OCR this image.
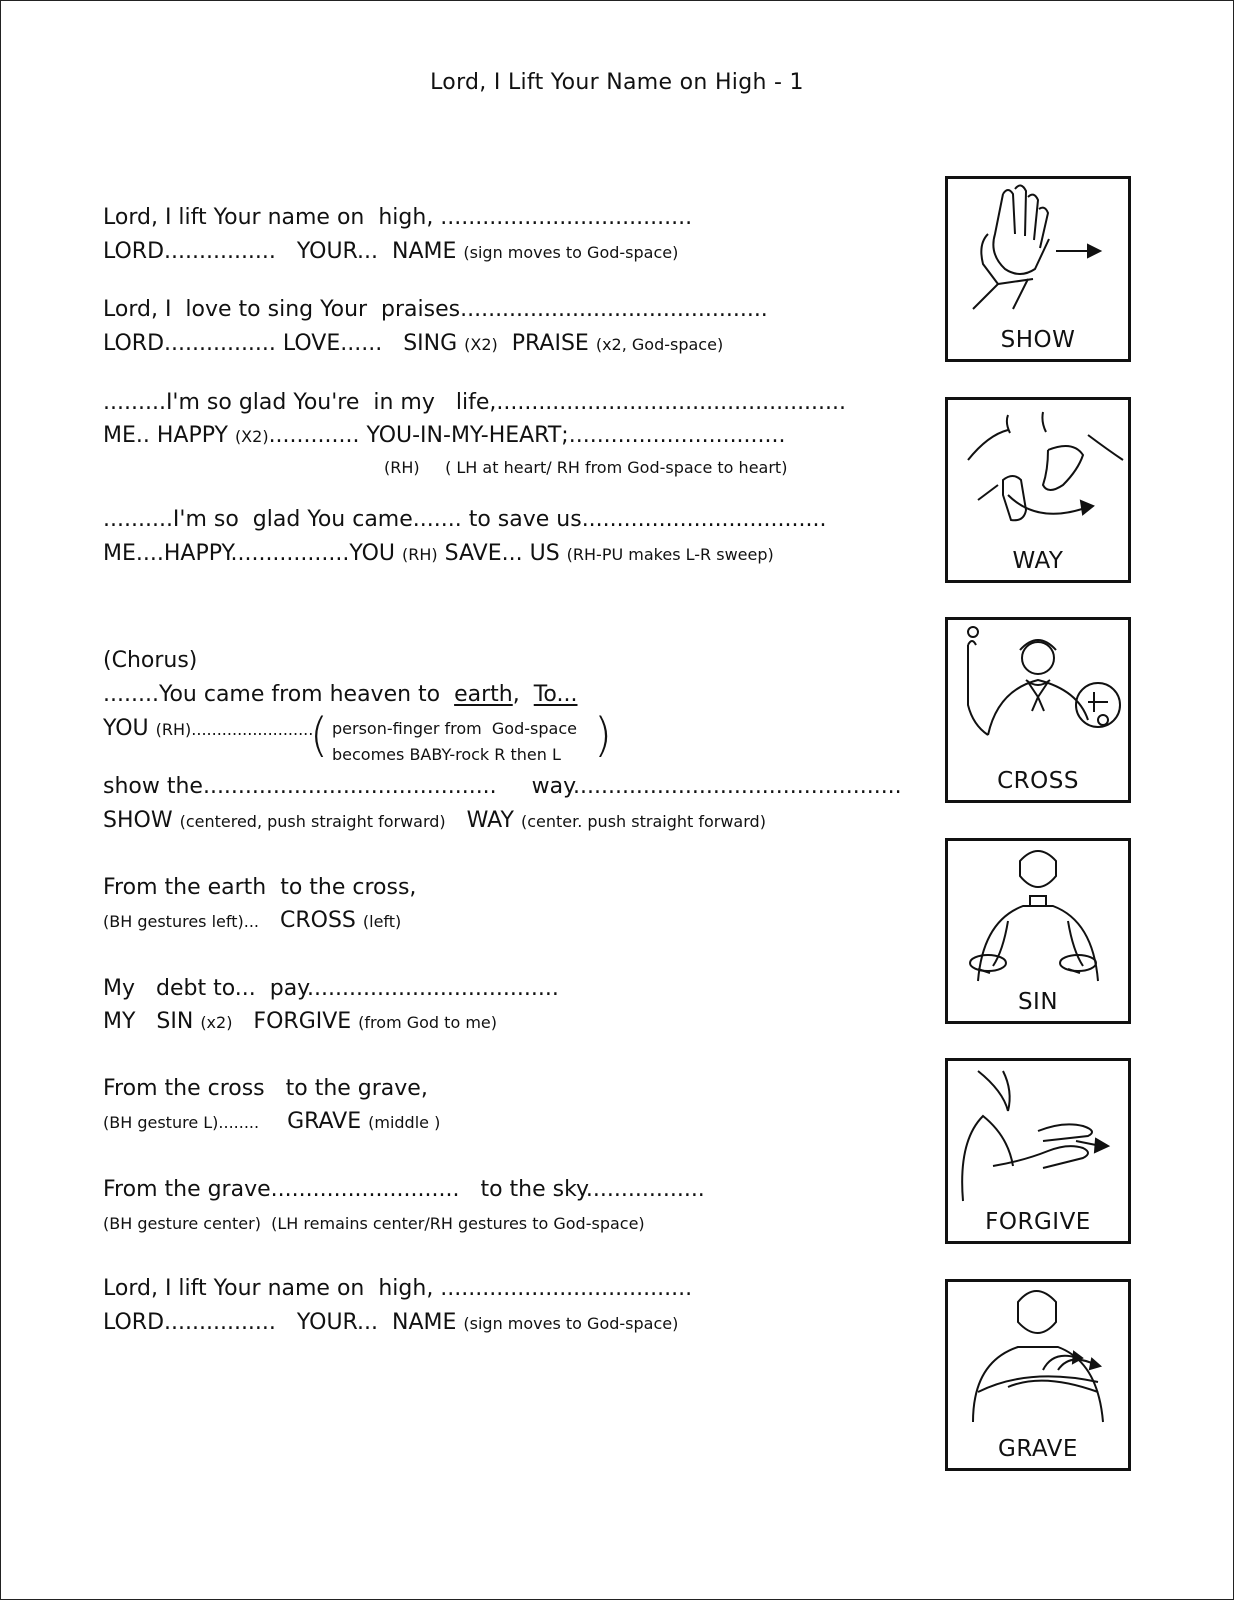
Lord, I Lift Your Name on High - 1
Lord, I lift Your name on  high, ....................................
LORD................   YOUR...  NAME (sign moves to God-space)
Lord, I  love to sing Your  praises............................................
LORD................ LOVE......   SING (X2)  PRAISE (x2, God-space)
.........I'm so glad You're  in my   life,..................................................
ME.. HAPPY (X2)............. YOU-IN-MY-HEART;...............................
(RH)     ( LH at heart/ RH from God-space to heart)
..........I'm so  glad You came....... to save us...................................
ME....HAPPY.................YOU (RH) SAVE... US (RH-PU makes L-R sweep)
(Chorus)
........You came from heaven to  earth,  To...
YOU (RH)........................
( person-finger from  God-space
becomes BABY-rock R then L )
show the..........................................     way...............................................
SHOW (centered, push straight forward)   WAY (center. push straight forward)
From the earth  to the cross,
(BH gestures left)...   CROSS (left)
My   debt to...  pay....................................
MY   SIN (x2)   FORGIVE (from God to me)
From the cross   to the grave,
(BH gesture L)........    GRAVE (middle )
From the grave...........................   to the sky.................
(BH gesture center)  (LH remains center/RH gestures to God-space)
Lord, I lift Your name on  high, ....................................
LORD................   YOUR...  NAME (sign moves to God-space)
SHOW
WAY
CROSS
SIN
FORGIVE
GRAVE
